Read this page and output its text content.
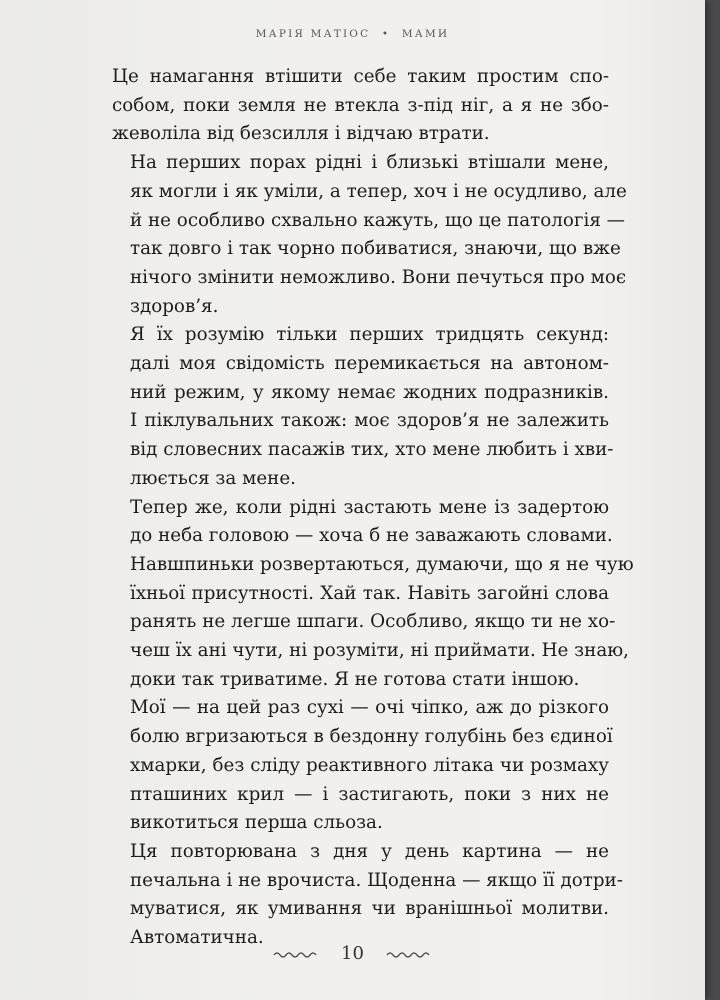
МАРІЯ МАТІОС • МАМИ

Це намагання втішити себе таким простим спо-
собом, поки земля не втекла з-під ніг, а я не збо-
жеволіла від безсилля і відчаю втрати.

На перших порах рідні і близькі втішали мене,
як могли і як уміли, а тепер, хоч і не осудливо, але
й не особливо схвально кажуть, що це патологія —
так довго і так чорно побиватися, знаючи, що вже
нічого змінити неможливо. Вони печуться про моє
здоров’я.

Я їх розумію тільки перших тридцять секунд:
далі моя свідомість перемикається на автоном-
ний режим, у якому немає жодних подразників.
І піклувальних також: моє здоров’я не залежить
від словесних пасажів тих, хто мене любить і хви-
люється за мене.

Тепер же, коли рідні застають мене із задертою
до неба головою — хоча б не заважають словами.
Навшпиньки розвертаються, думаючи, що я не чую
їхньої присутності. Хай так. Навіть загойні слова
ранять не легше шпаги. Особливо, якщо ти не хо-
чеш їх ані чути, ні розуміти, ні приймати. Не знаю,
доки так триватиме. Я не готова стати іншою.

Мої — на цей раз сухі — очі чіпко, аж до різкого
болю вгризаються в бездонну голубінь без єдиної
хмарки, без сліду реактивного літака чи розмаху
пташиних крил — і застигають, поки з них не
викотиться перша сльоза.

Ця повторювана з дня у день картина — не
печальна і не врочиста. Щоденна — якщо її дотри-
муватися, як умивання чи вранішньої молитви.
Автоматична.

10
